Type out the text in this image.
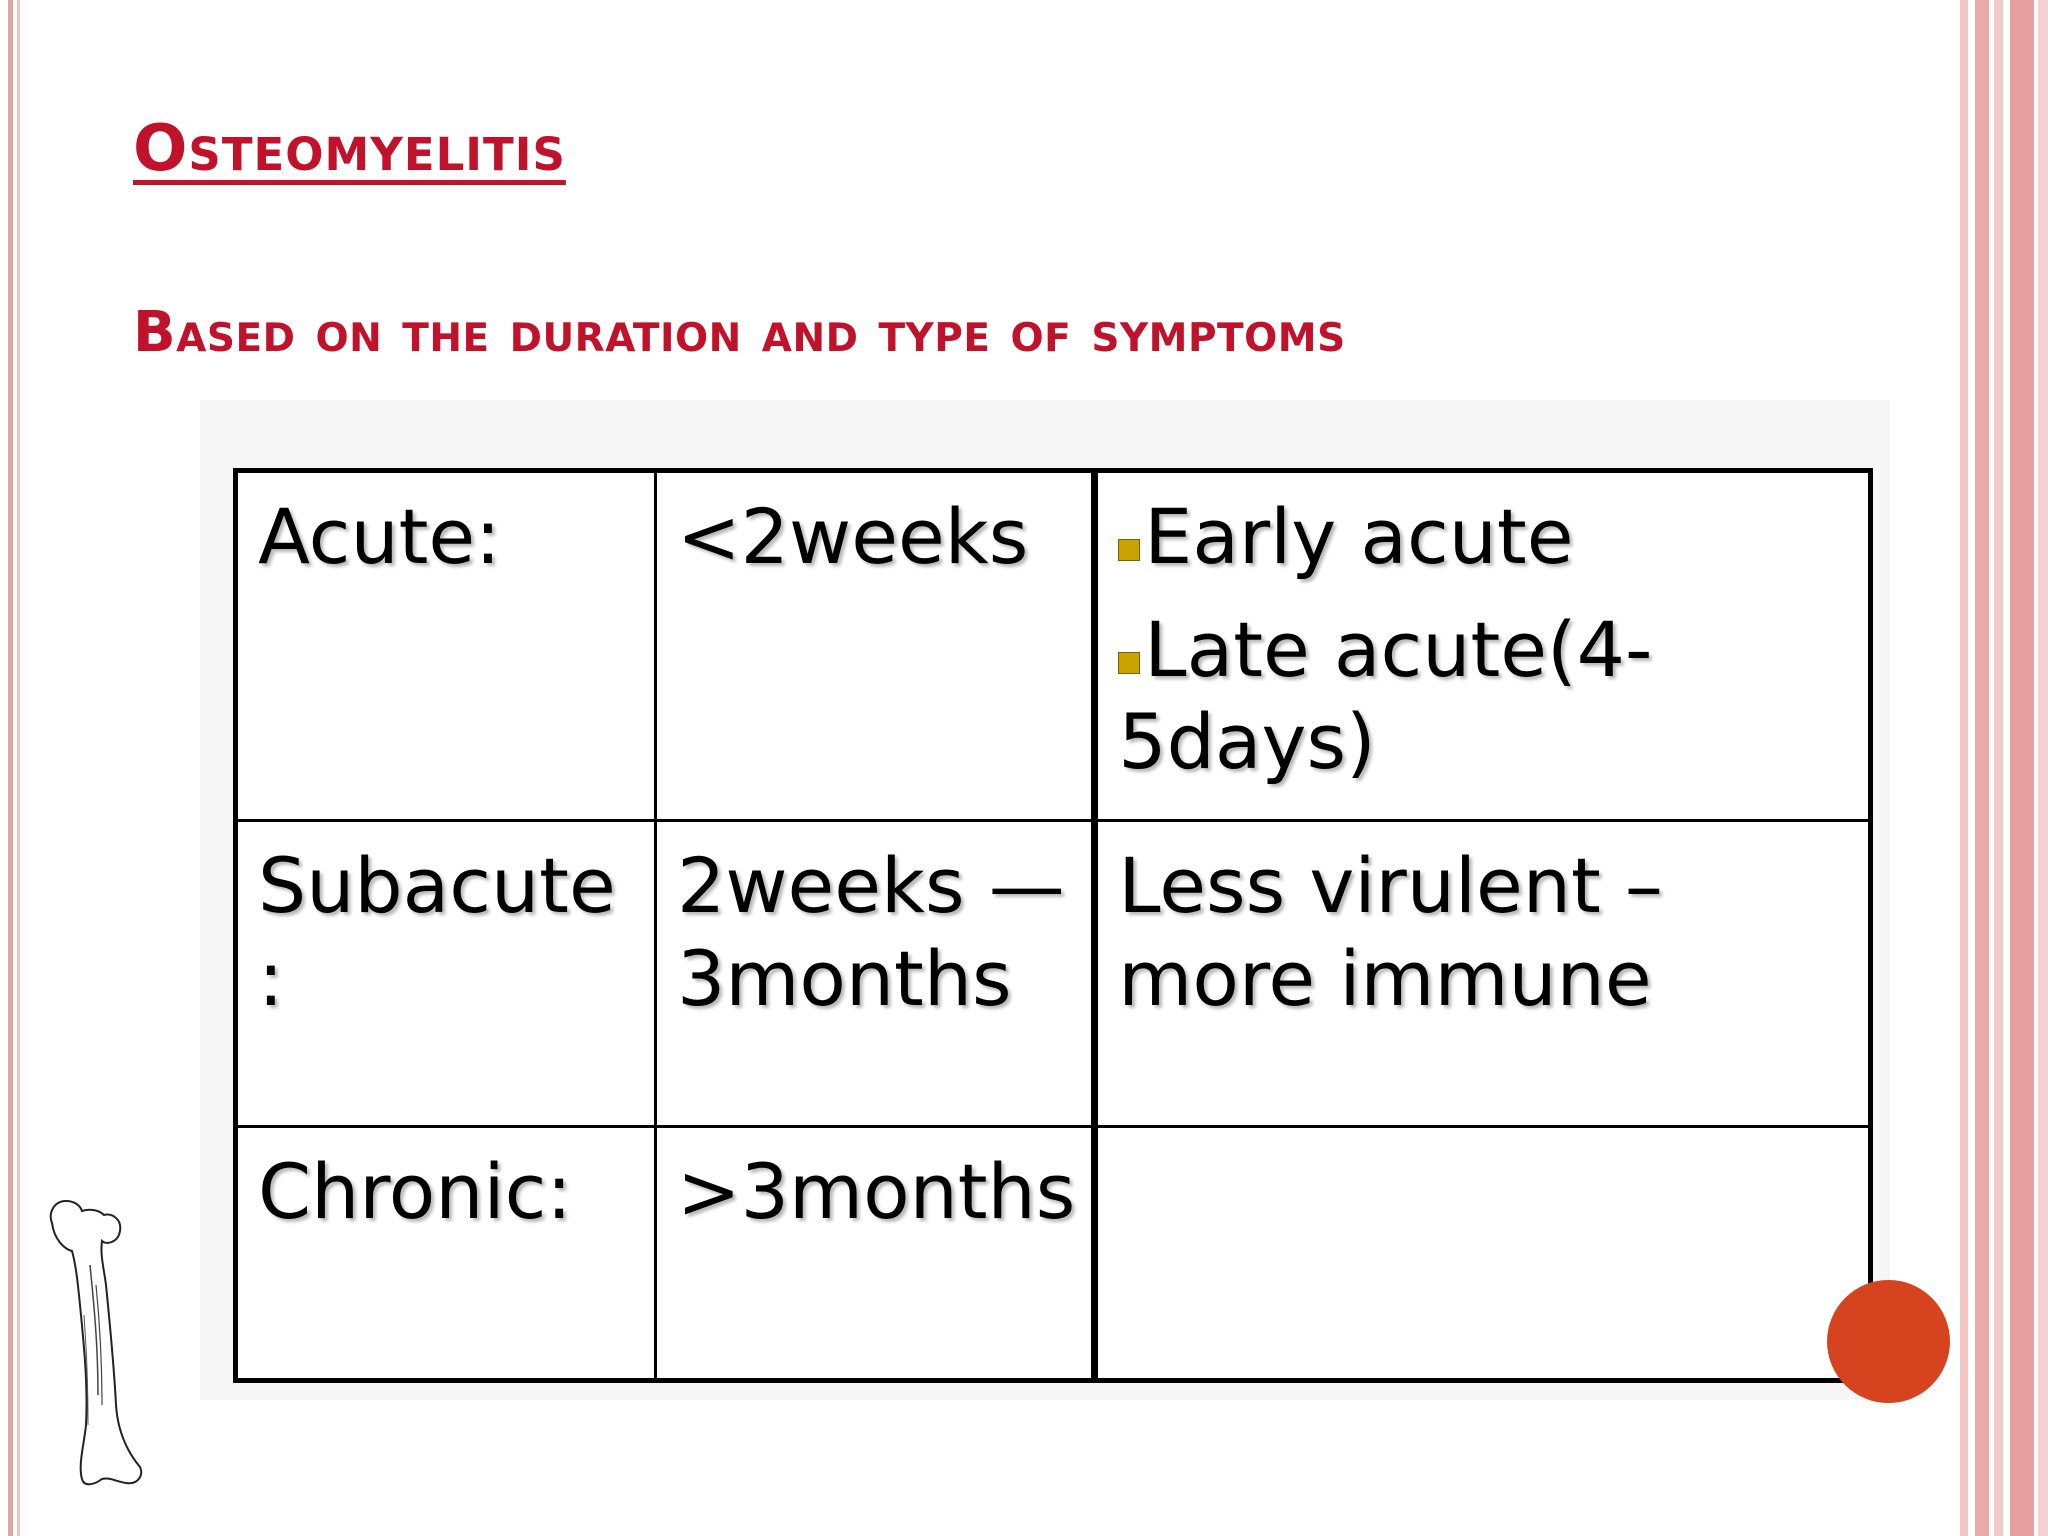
Osteomyelitis
Based on the duration and type of symptoms
Acute:	<2weeks	Early acute
Late acute(4-5days)

Subacute :	2weeks — 3months	Less virulent – more immune
Chronic:	>3months	
